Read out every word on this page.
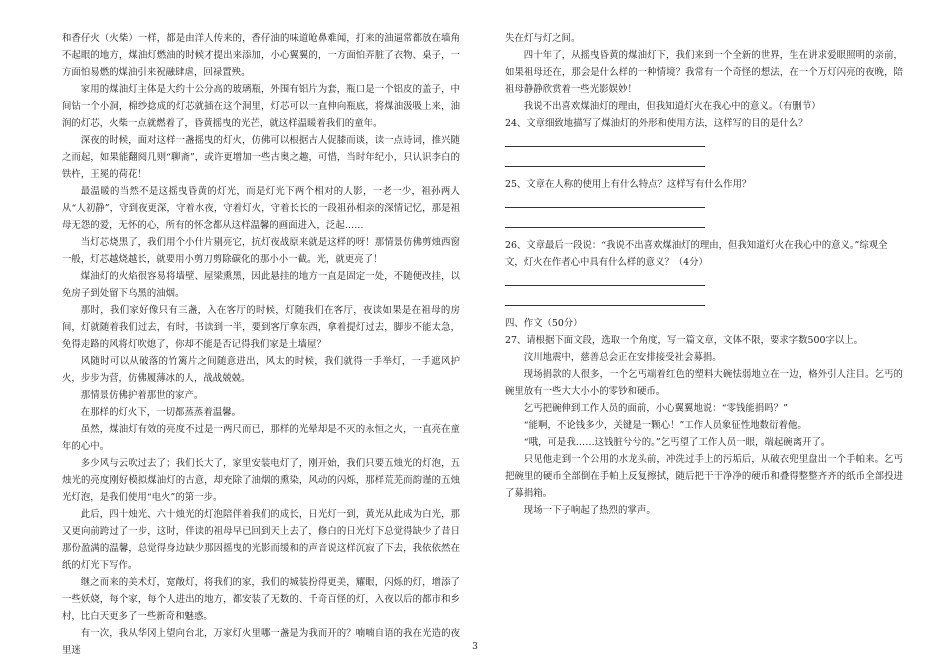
和香仔火（火柴）一样，都是由洋人传来的，香仔油的味道呛鼻难闻，打来的油逼常都放在墙角不起眼的地方，煤油灯燃油的时候才提出来添加，小心翼翼的，一方面怕弄脏了衣物、桌子，一方面怕易燃的煤油引来祝融肆虐，回禄置殃。

家用的煤油灯主体是大约十公分高的玻璃瓶，外围有铝片为套，瓶口是一个铝皮的盖子，中间钻一个小洞，棉纱捻成的灯芯就插在这个洞里，灯芯可以一直伸向瓶底，将煤油汲吸上来，油润的灯芯，火柴一点就燃着了，昏黄摇曳的光芒，就这样温暖着我们的童年。

深夜的时候，面对这样一盏摇曳的灯火，仿佛可以根据古人促膝而谈，读一点诗词，推兴随之而起，如果能翻阅几则“聊斋”，或许更增加一些古奥之趣，可惜，当时年纪小，只认识李白的铁杵，王冕的荷花！

最温暖的当然不是这摇曳昏黄的灯光，而是灯光下两个相对的人影，一老一少，祖孙两人从“人初静”，守到夜更深，守着水夜，守着灯火，守着长长的一段祖孙相亲的深情记忆，那是祖母无怨的爱，无怀的心，所有的怀念都从这样温馨的画面进入，泛起……

当灯芯烧黑了，我们用个小什片剔亮它，抗灯夜战原来就是这样的呀！那情景仿佛剪烛西窗一般，灯芯越烧越长，就要用小剪刀剪除碳化的那小小一截。光，就更亮了！

煤油灯的火焰很容易将墙壁、屋梁熏黑，因此悬挂的地方一直是固定一处，不随便改挂，以免房子到处留下乌黑的油烟。

那时，我们家好像只有三盏，入在客厅的时候，灯随我们在客厅，夜读如果是在祖母的房间，灯就随着我们过去，有时，书读到一半，要到客厅拿东西，拿着提灯过去，脚步不能太急，免得走路的风将灯吹熄了，你却不能是否记得我们家是土墙屋？

风随时可以从破落的竹篱片之间随意进出，风太的时候，我们就得一手举灯，一手遮风护火，步步为营，仿佛履薄冰的人，战战兢兢。

那情景仿佛护着那世的家产。

在那样的灯火下，一切都蒸蒸着温馨。

虽然，煤油灯有效的亮度不过是一两尺而已，那样的光晕却是不灭的永恒之火，一直亮在童年的心中。

多少风与云吹过去了；我们长大了，家里安装电灯了，刚开始，我们只要五烛光的灯泡，五烛光的亮度刚好模拟煤油灯的古意，却充除了油烟的熏染，风动的闪烁，那样荒芜而韵谨的五烛光灯泡，是我们使用“电火”的第一步。

此后，四十烛光、六十烛光的灯泡陪伴着我们的成长，日光灯一到，黄光从此成为白光，那又更向前跨过了一步，这时，伴读的祖母早已回到天上去了，修白的日光灯下总觉得缺少了昔日那份盈满的温馨，总觉得身边缺少那因摇曳的光影而缓和的声音说这样沉寂了下去，我依依然在纸的灯光下写作。

继之而来的美术灯，宽敞灯，将我们的家，我们的城装扮得更美，耀眼，闪烁的灯，增添了一些妖娆，每个家，每个人进出的地方，都安装了无数的、千奇百怪的灯，入夜以后的都市和乡村，比白天更多了一些新奇和魅惑。

有一次，我从华冈上望向台北，万家灯火里哪一盏是为我而开的？喃喃自语的我在光造的夜里迷

失在灯与灯之间。

四十年了，从摇曳昏黄的煤油灯下，我们来到一个全新的世界，生在讲求爱眼照明的亲前，如果祖母还在，那会是什么样的一种情境？我常有一个奇怪的想法，在一个万灯闪亮的夜晚，陪祖母静静欣赏着一些光影娱妙！

我说不出喜欢煤油灯的理由，但我知道灯火在我心中的意义。（有删节）

24、文章细致地描写了煤油灯的外形和使用方法，这样写的目的是什么？

25、文章在人称的使用上有什么特点？这样写有什么作用？

26、文章最后一段说：“我说不出喜欢煤油灯的理由，但我知道灯火在我心中的意义。”综观全文，灯火在作者心中具有什么样的意义？（4分）

四、作文（50分）

27、请根据下面文段，选取一个角度，写一篇文章，文体不限，要求字数500字以上。

汶川地震中，慈善总会正在安排接受社会募捐。

现场捐款的人很多，一个乞丐端着红色的塑料大碗怯弱地立在一边，格外引人注目。乞丐的碗里放有一些大大小小的零钞和硬币。

乞丐把碗伸到工作人员的面前，小心翼翼地说：“零钱能捐吗？”

“能啊，不论钱多少，关键是一颗心！”工作人员象征性地数衍着他。

“哦，可是我……这钱脏兮兮的。”乞丐望了工作人员一眼，端起碗离开了。

只见他走到一个公用的水龙头前，冲洗过手上的污垢后，从破衣兜里盘出一个手帕来。乞丐把碗里的硬币全部倒在手帕上反复擦拭，随后把干干净净的硬币和叠得整整齐齐的纸币全部投进了募捐箱。

现场一下子响起了热烈的掌声。

3
